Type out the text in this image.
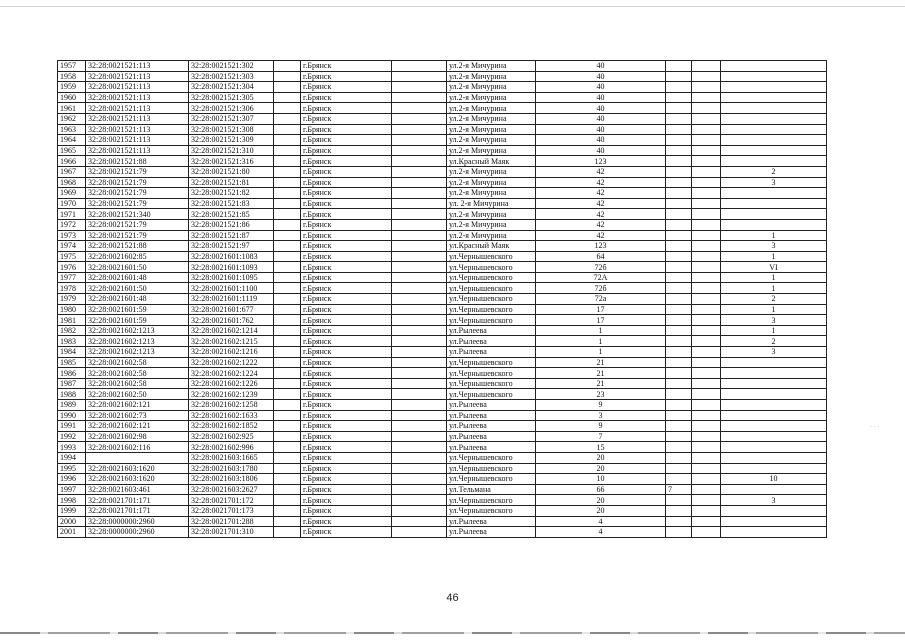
1957	32:28:0021521:113	32:28:0021521:302		г.Брянск		ул.2-я Мичурина	40			
1958	32:28:0021521:113	32:28:0021521:303		г.Брянск		ул.2-я Мичурина	40			
1959	32:28:0021521:113	32:28:0021521:304		г.Брянск		ул.2-я Мичурина	40			
1960	32:28:0021521:113	32:28:0021521:305		г.Брянск		ул.2-я Мичурина	40			
1961	32:28:0021521:113	32:28:0021521:306		г.Брянск		ул.2-я Мичурина	40			
1962	32:28:0021521:113	32:28:0021521:307		г.Брянск		ул.2-я Мичурина	40			
1963	32:28:0021521:113	32:28:0021521:308		г.Брянск		ул.2-я Мичурина	40			
1964	32:28:0021521:113	32:28:0021521:309		г.Брянск		ул.2-я Мичурина	40			
1965	32:28:0021521:113	32:28:0021521:310		г.Брянск		ул.2-я Мичурина	40			
1966	32:28:0021521:88	32:28:0021521:316		г.Брянск		ул.Красный Маяк	123			
1967	32:28:0021521:79	32:28:0021521:80		г.Брянск		ул.2-я Мичурина	42			2
1968	32:28:0021521:79	32:28:0021521:81		г.Брянск		ул.2-я Мичурина	42			3
1969	32:28:0021521:79	32:28:0021521:82		г.Брянск		ул.2-я Мичурина	42			
1970	32:28:0021521:79	32:28:0021521:83		г.Брянск		ул. 2-я Мичурина	42			
1971	32:28:0021521:340	32:28:0021521:85		г.Брянск		ул.2-я Мичурина	42			
1972	32:28:0021521:79	32:28:0021521:86		г.Брянск		ул.2-я Мичурина	42			
1973	32:28:0021521:79	32:28:0021521:87		г.Брянск		ул.2-я Мичурина	42			1
1974	32:28:0021521:88	32:28:0021521:97		г.Брянск		ул.Красный Маяк	123			3
1975	32:28:0021602:85	32:28:0021601:1083		г.Брянск		ул.Чернышевского	64			1
1976	32:28:0021601:50	32:28:0021601:1093		г.Брянск		ул.Чернышевского	72б			VI
1977	32:28:0021601:48	32:28:0021601:1095		г.Брянск		ул.Чернышевского	72А			1
1978	32:28:0021601:50	32:28:0021601:1100		г.Брянск		ул.Чернышевского	72б			1
1979	32:28:0021601:48	32:28:0021601:1119		г.Брянск		ул.Чернышевского	72а			2
1980	32:28:0021601:59	32:28:0021601:677		г.Брянск		ул.Чернышевского	17			1
1981	32:28:0021601:59	32:28:0021601:762		г.Брянск		ул.Чернышевского	17			3
1982	32:28:0021602:1213	32:28:0021602:1214		г.Брянск		ул.Рылеева	1			1
1983	32:28:0021602:1213	32:28:0021602:1215		г.Брянск		ул.Рылеева	1			2
1984	32:28:0021602:1213	32:28:0021602:1216		г.Брянск		ул.Рылеева	1			3
1985	32:28:0021602:58	32:28:0021602:1222		г.Брянск		ул.Чернышевского	21			
1986	32:28:0021602:58	32:28:0021602:1224		г.Брянск		ул.Чернышевского	21			
1987	32:28:0021602:58	32:28:0021602:1226		г.Брянск		ул.Чернышевского	21			
1988	32:28:0021602:50	32:28:0021602:1239		г.Брянск		ул.Чернышевского	23			
1989	32:28:0021602:121	32:28:0021602:1258		г.Брянск		ул.Рылеева	9			
1990	32:28:0021602:73	32:28:0021602:1633		г.Брянск		ул.Рылеева	3			
1991	32:28:0021602:121	32:28:0021602:1852		г.Брянск		ул.Рылеева	9			
1992	32:28:0021602:98	32:28:0021602:925		г.Брянск		ул.Рылеева	7			
1993	32:28:0021602:116	32:28:0021602:996		г.Брянск		ул.Рылеева	15			
1994		32:28:0021603:1665		г.Брянск		ул.Чернышевского	20			
1995	32:28:0021603:1620	32:28:0021603:1780		г.Брянск		ул.Чернышевского	20			
1996	32:28:0021603:1620	32:28:0021603:1806		г.Брянск		ул.Чернышевского	10			10
1997	32:28:0021603:461	32:28:0021603:2627		г.Брянск		ул.Тельмана	66	7		
1998	32:28:0021701:171	32:28:0021701:172		г.Брянск		ул.Чернышевского	20			3
1999	32:28:0021701:171	32:28:0021701:173		г.Брянск		ул.Чернышевского	20			
2000	32:28:0000000:2960	32:28:0021701:288		г.Брянск		ул.Рылеева	4			
2001	32:28:0000000:2960	32:28:0021701:310		г.Брянск		ул.Рылеева	4			
46
· · ·
